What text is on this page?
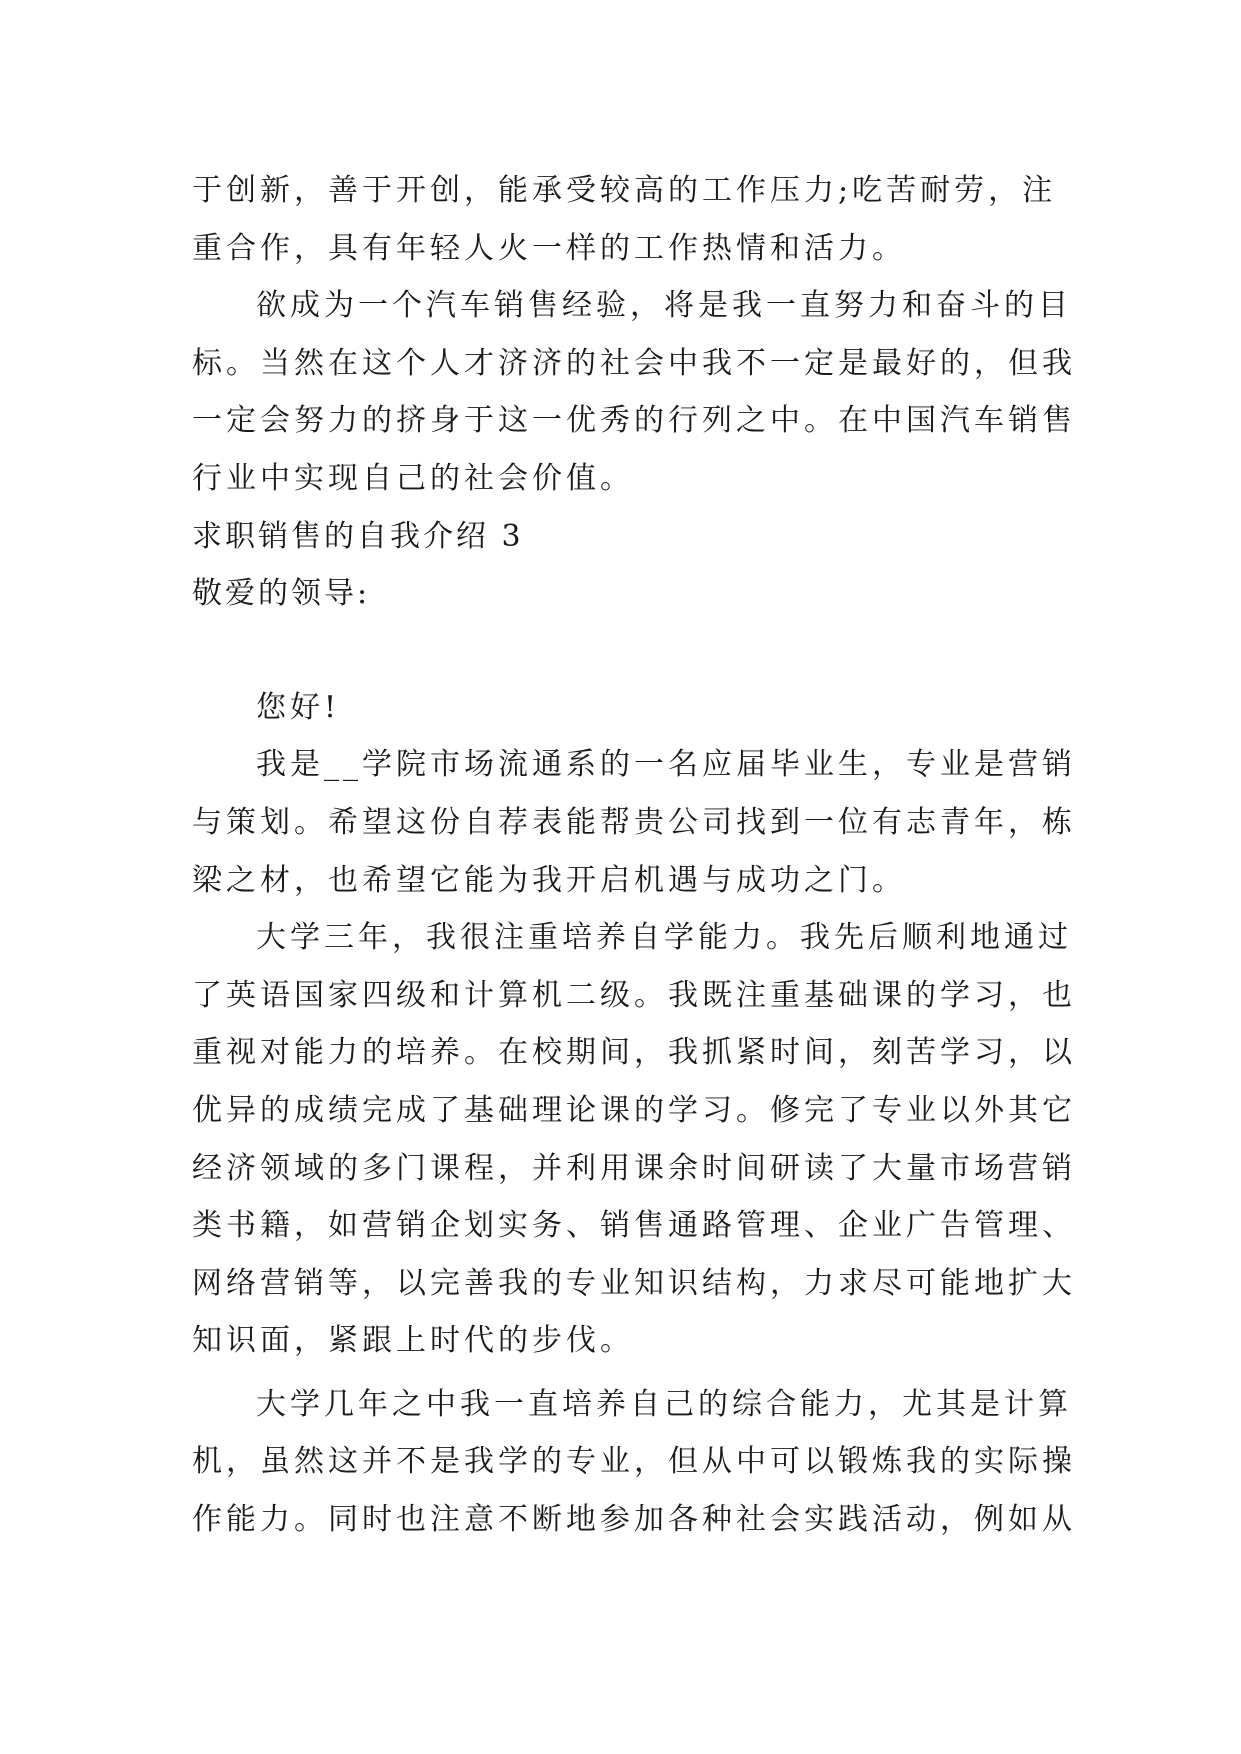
于创新，善于开创，能承受较高的工作压力;吃苦耐劳，注
重合作，具有年轻人火一样的工作热情和活力。
欲成为一个汽车销售经验，将是我一直努力和奋斗的目
标。当然在这个人才济济的社会中我不一定是最好的，但我
一定会努力的挤身于这一优秀的行列之中。在中国汽车销售
行业中实现自己的社会价值。
求职销售的自我介绍 3
敬爱的领导:
您好!
我是__学院市场流通系的一名应届毕业生，专业是营销
与策划。希望这份自荐表能帮贵公司找到一位有志青年，栋
梁之材，也希望它能为我开启机遇与成功之门。
大学三年，我很注重培养自学能力。我先后顺利地通过
了英语国家四级和计算机二级。我既注重基础课的学习，也
重视对能力的培养。在校期间，我抓紧时间，刻苦学习，以
优异的成绩完成了基础理论课的学习。修完了专业以外其它
经济领域的多门课程，并利用课余时间研读了大量市场营销
类书籍，如营销企划实务、销售通路管理、企业广告管理、
网络营销等，以完善我的专业知识结构，力求尽可能地扩大
知识面，紧跟上时代的步伐。
大学几年之中我一直培养自己的综合能力，尤其是计算
机，虽然这并不是我学的专业，但从中可以锻炼我的实际操
作能力。同时也注意不断地参加各种社会实践活动，例如从
